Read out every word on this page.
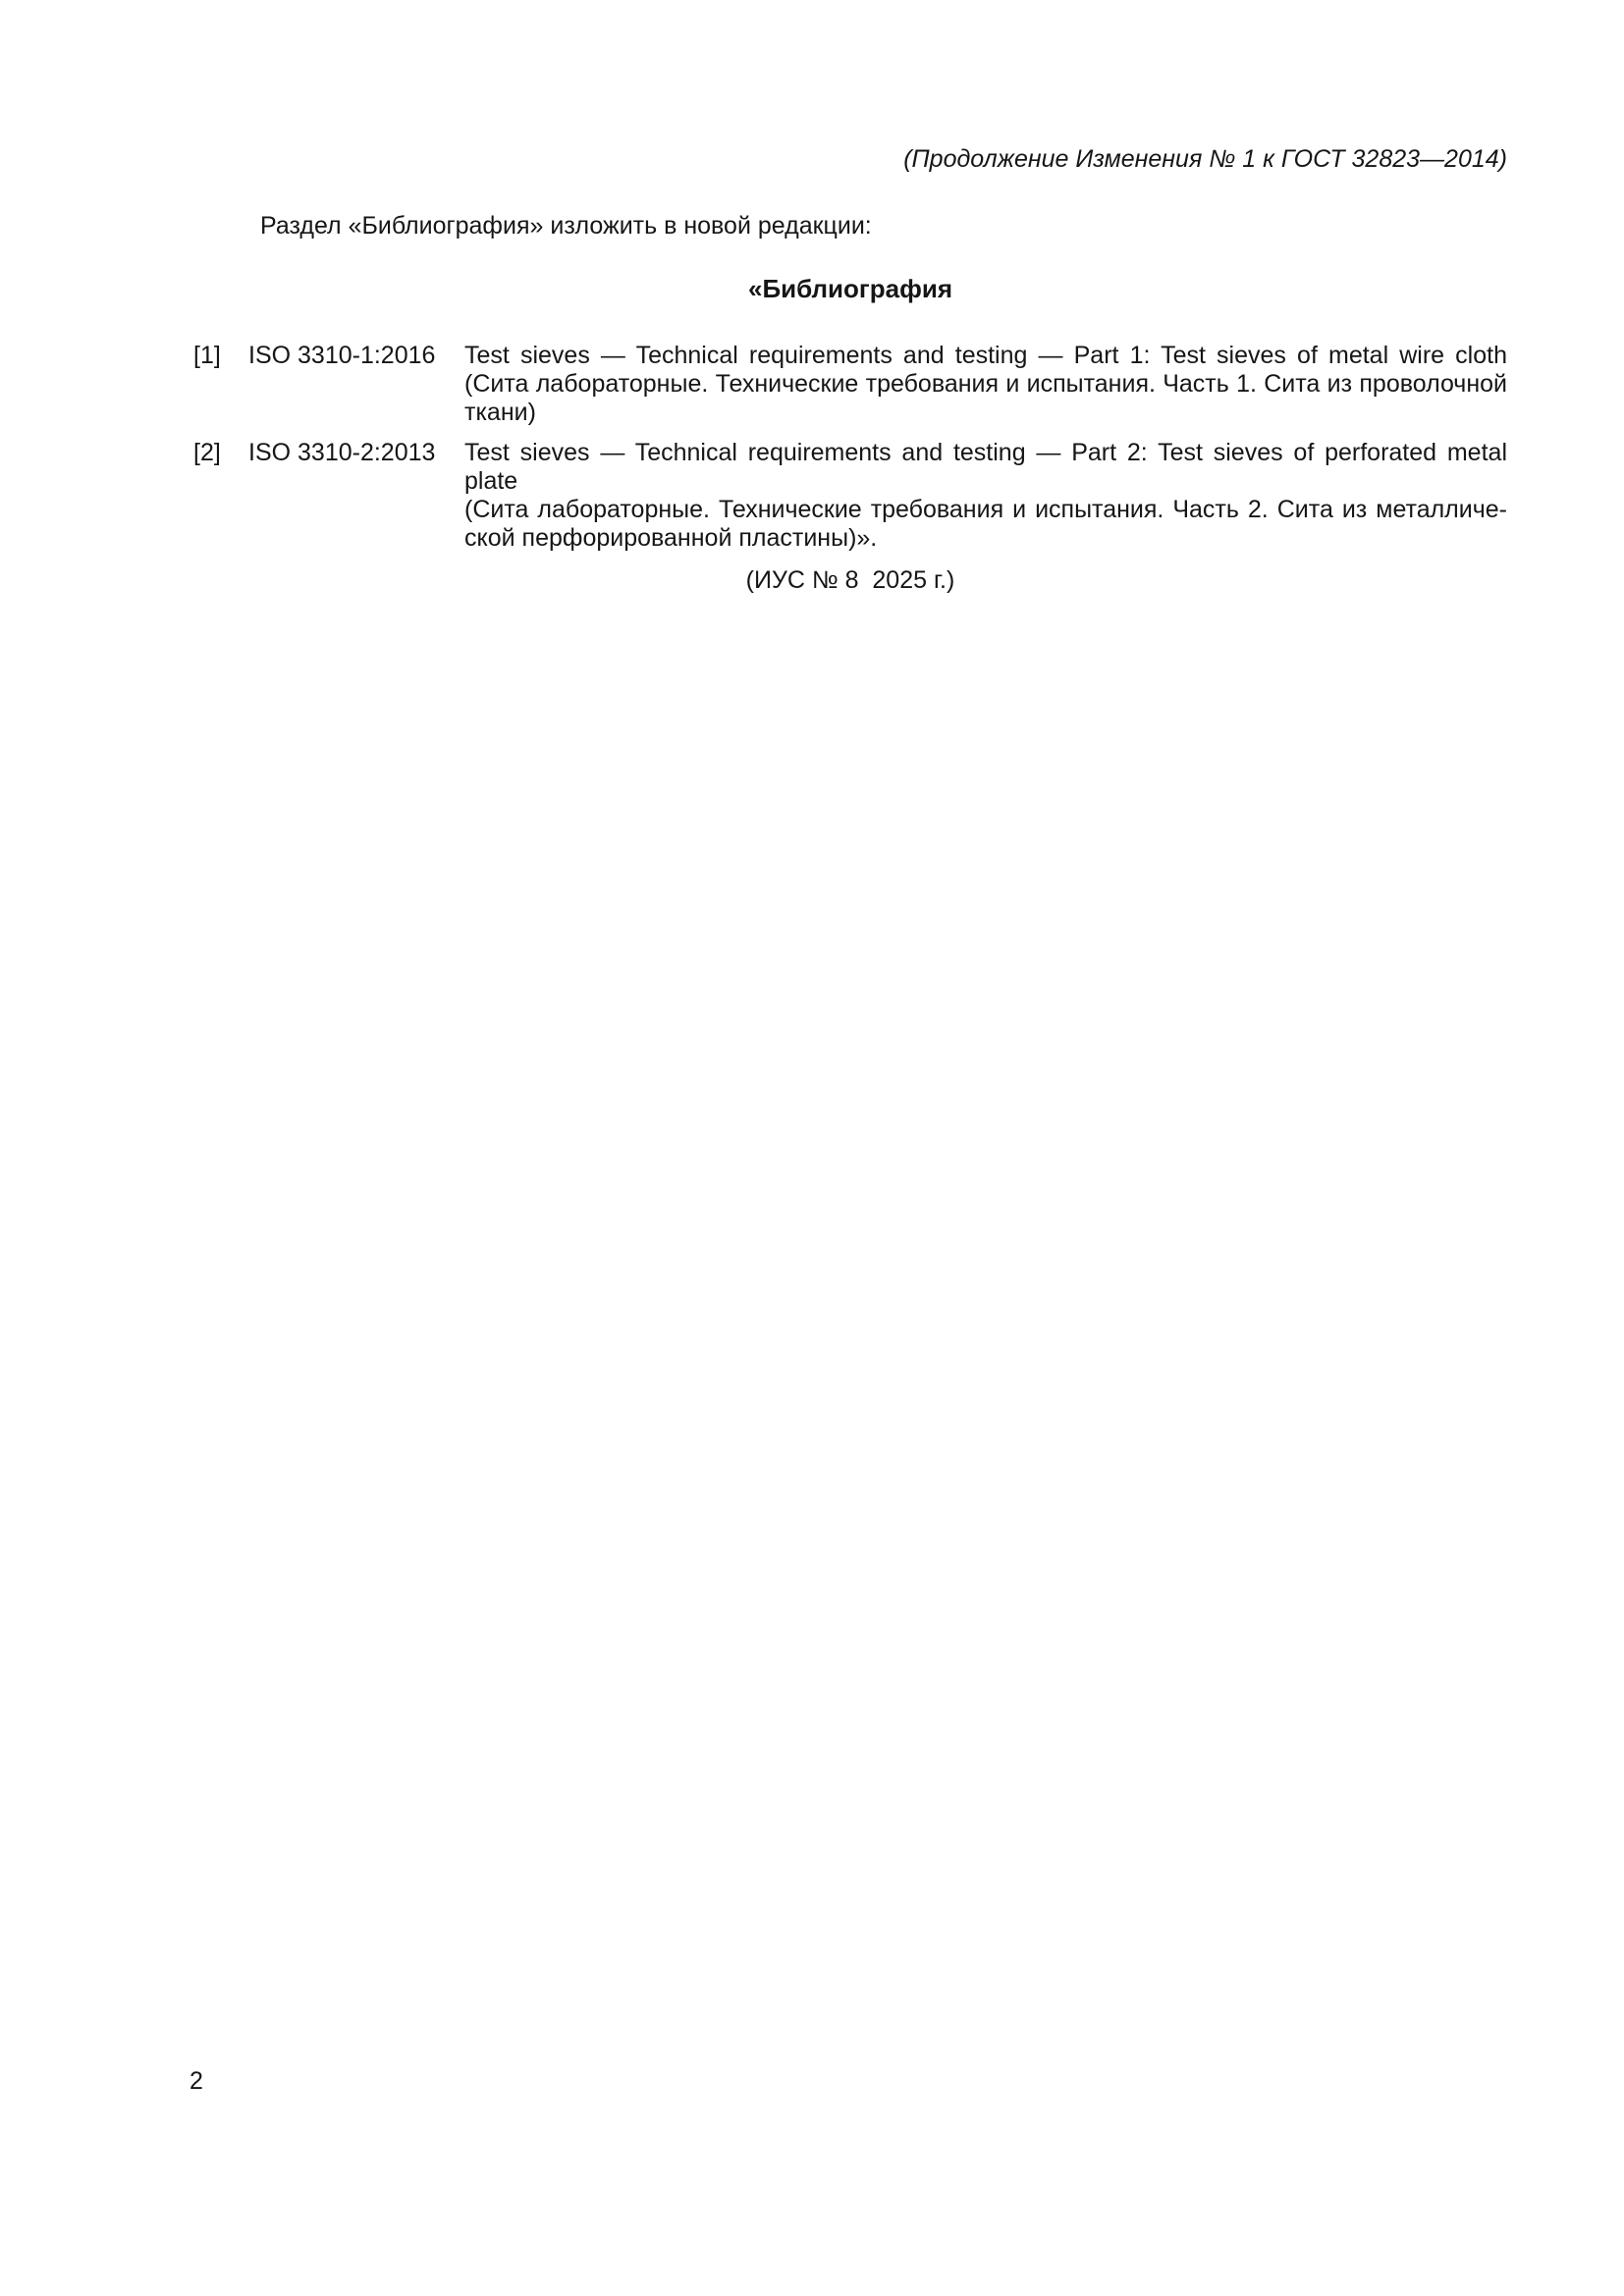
(Продолжение Изменения № 1 к ГОСТ 32823—2014)
Раздел «Библиография» изложить в новой редакции:
«Библиография
[1]	ISO 3310-1:2016	Test sieves — Technical requirements and testing — Part 1: Test sieves of metal wire cloth
(Сита лабораторные. Технические требования и испытания. Часть 1. Сита из проволочной
ткани)
[2]	ISO 3310-2:2013	Test sieves — Technical requirements and testing — Part 2: Test sieves of perforated metal plate
(Сита лабораторные. Технические требования и испытания. Часть 2. Сита из металличе-
ской перфорированной пластины)».
(ИУС № 8  2025 г.)
2
